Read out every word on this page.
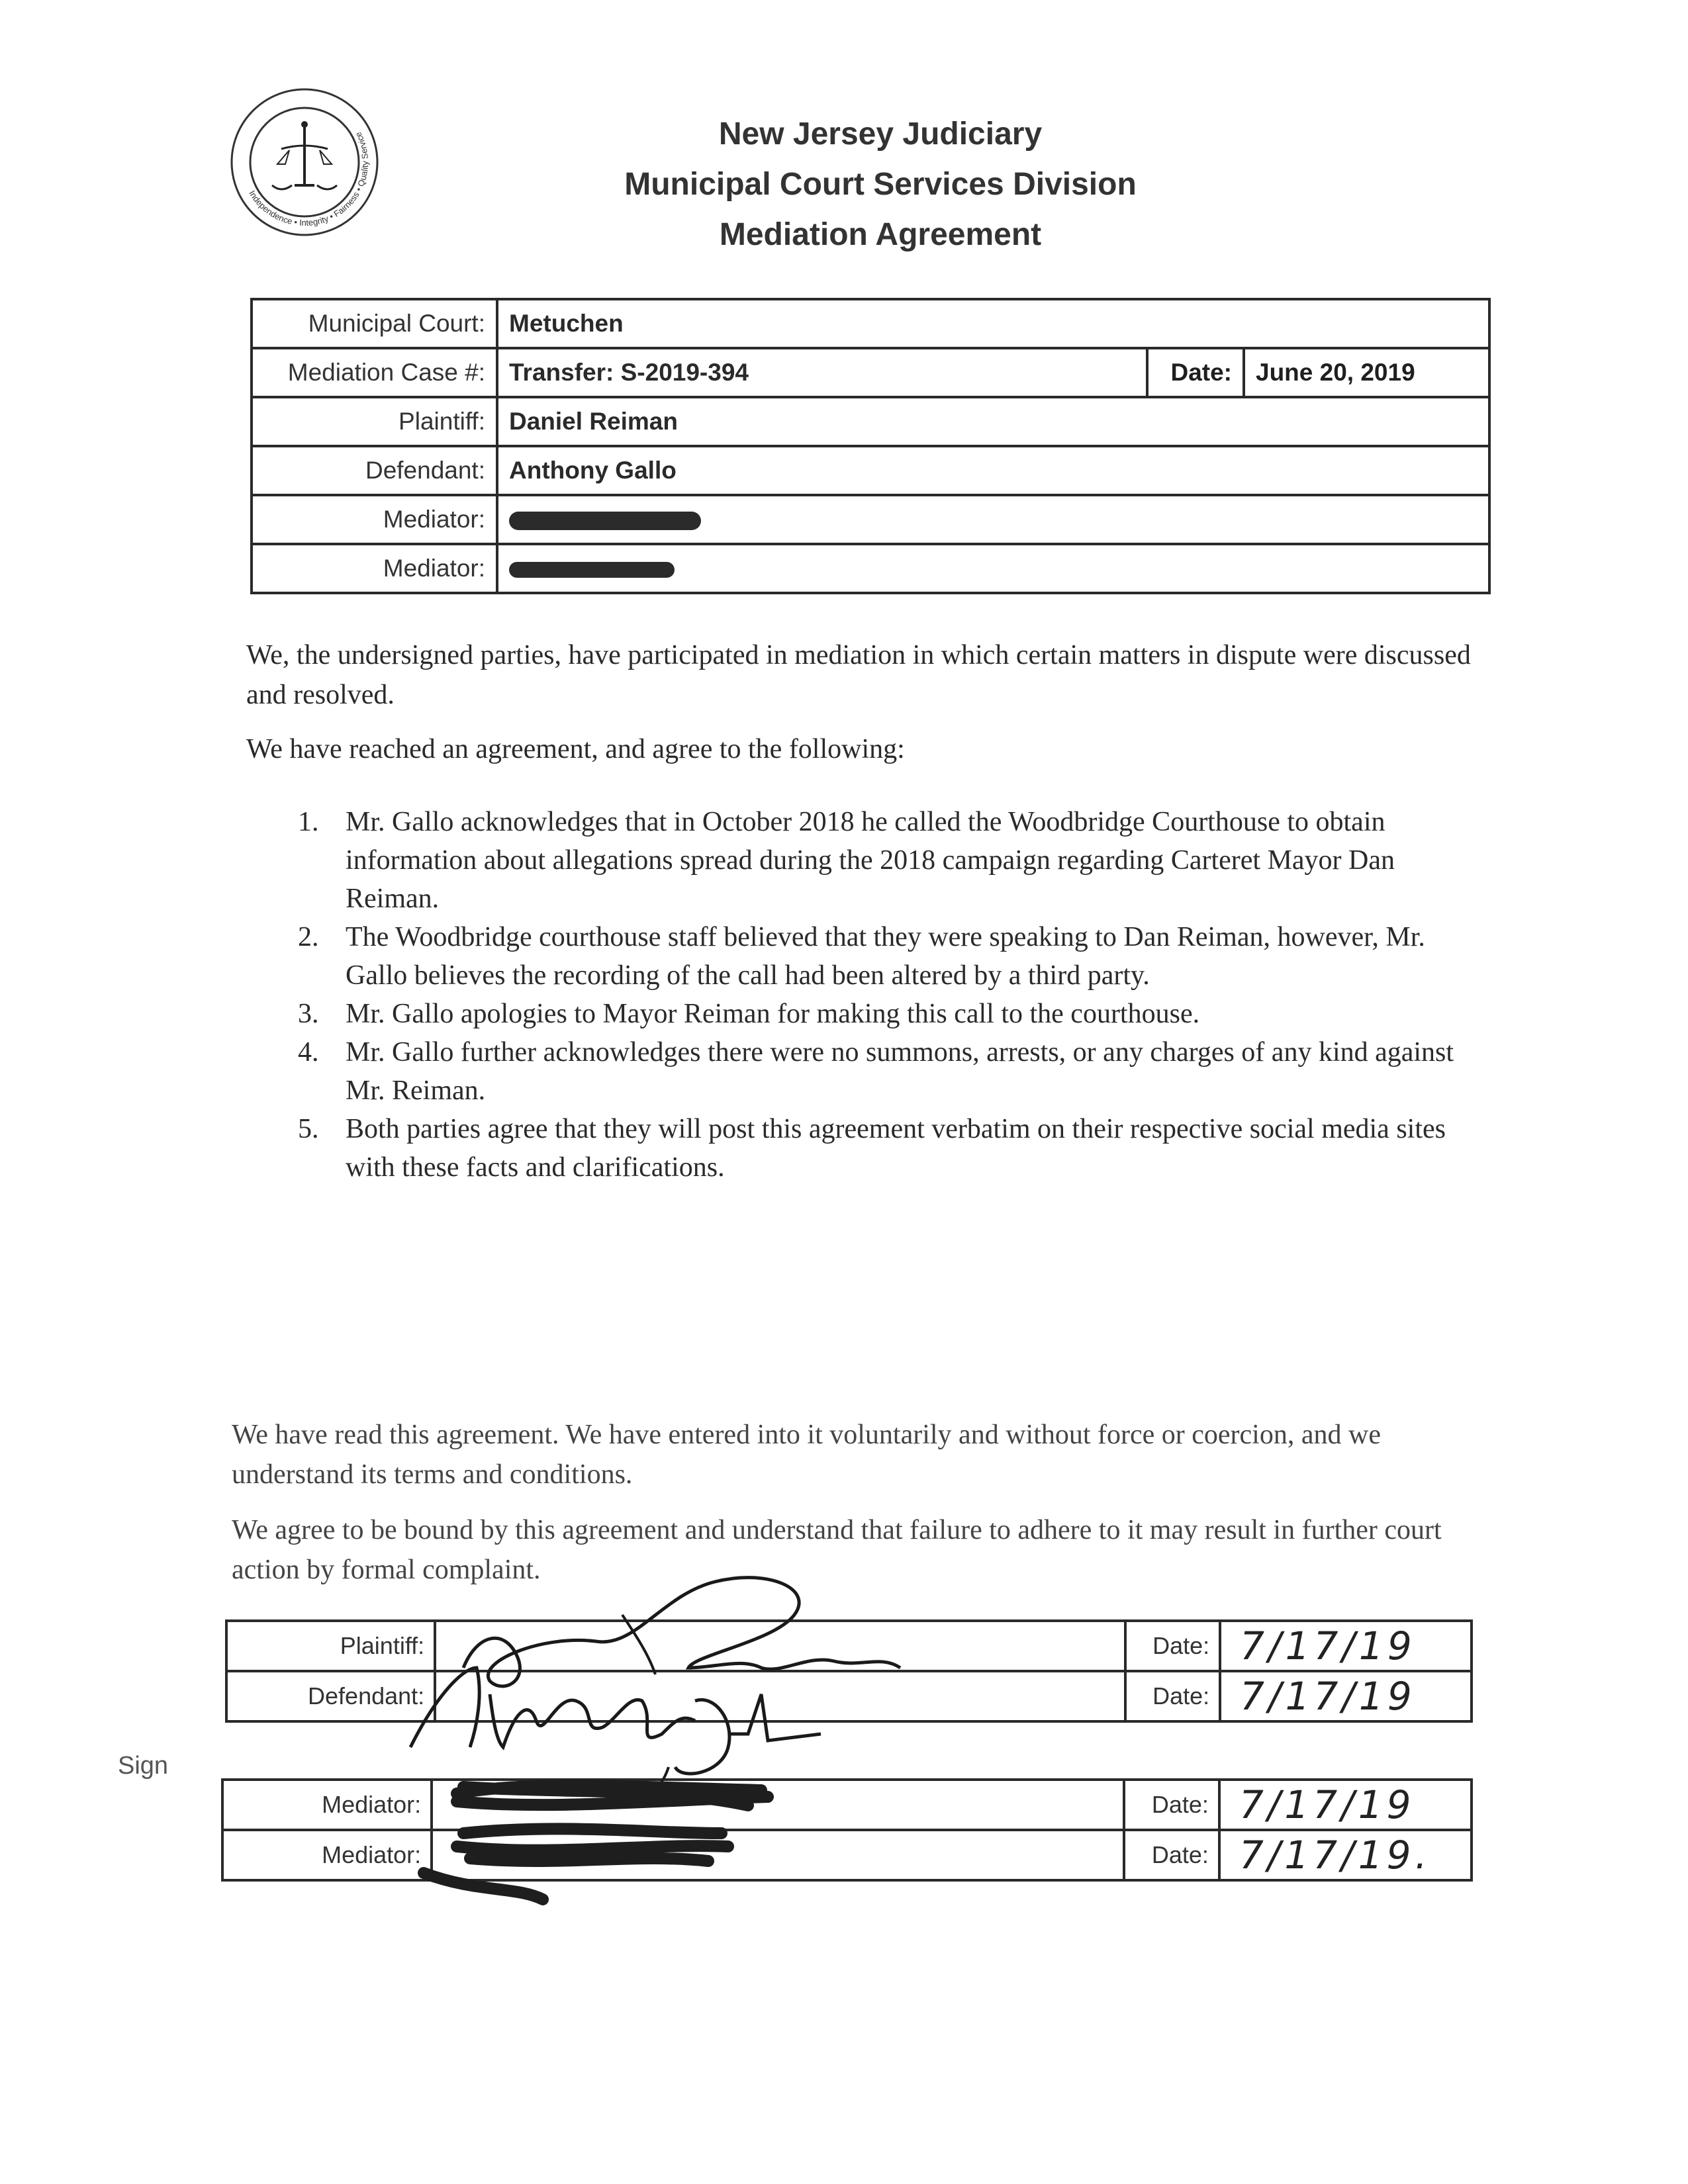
Independence • Integrity • Fairness • Quality Service	New Jersey Judiciary
Municipal Court Services Division
Mediation Agreement
Municipal Court:	Metuchen		
Mediation Case #:	Transfer: S-2019-394	Date:	June 20, 2019
Plaintiff:	Daniel Reiman		
Defendant:	Anthony Gallo		
Mediator:			
Mediator:			

We, the undersigned parties, have participated in mediation in which certain matters in dispute were discussed and resolved.

We have reached an agreement, and agree to the following:

1. Mr. Gallo acknowledges that in October 2018 he called the Woodbridge Courthouse to obtain information about allegations spread during the 2018 campaign regarding Carteret Mayor Dan Reiman.
2. The Woodbridge courthouse staff believed that they were speaking to Dan Reiman, however, Mr. Gallo believes the recording of the call had been altered by a third party.
3. Mr. Gallo apologies to Mayor Reiman for making this call to the courthouse.
4. Mr. Gallo further acknowledges there were no summons, arrests, or any charges of any kind against Mr. Reiman.
5. Both parties agree that they will post this agreement verbatim on their respective social media sites with these facts and clarifications.

We have read this agreement. We have entered into it voluntarily and without force or coercion, and we understand its terms and conditions.

We agree to be bound by this agreement and understand that failure to adhere to it may result in further court action by formal complaint.

Plaintiff:		Date:	7/17/19
Defendant:		Date:	7/17/19
Sign
Mediator:		Date:	7/17/19
Mediator:		Date:	7/17/19.
